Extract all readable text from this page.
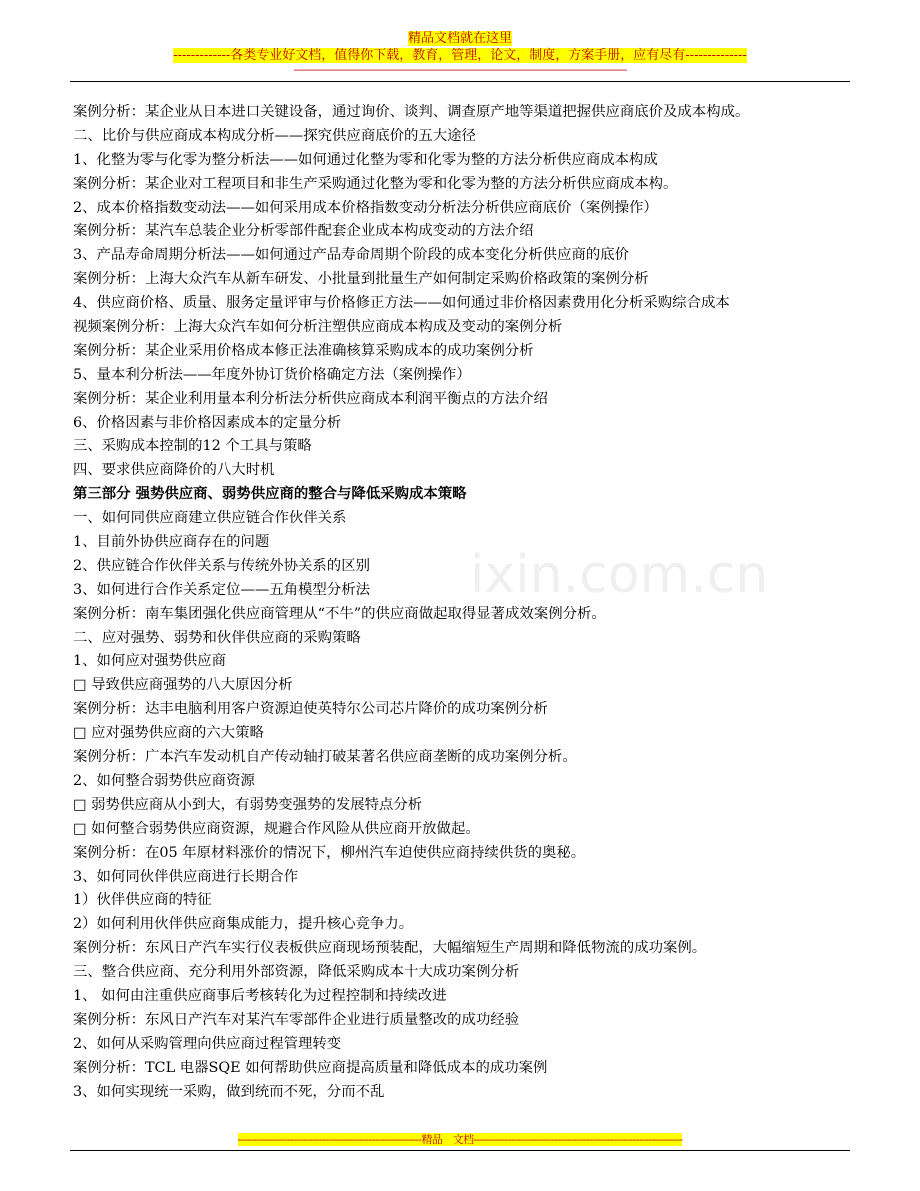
精品文档就在这里
-------------各类专业好文档，值得你下载，教育，管理，论文，制度，方案手册，应有尽有--------------
--------------------------------------------------------------------------------------------------------------------------------------------
ixin.com.cn
案例分析：某企业从日本进口关键设备，通过询价、谈判、调查原产地等渠道把握供应商底价及成本构成。
二、比价与供应商成本构成分析——探究供应商底价的五大途径
1、化整为零与化零为整分析法——如何通过化整为零和化零为整的方法分析供应商成本构成
案例分析：某企业对工程项目和非生产采购通过化整为零和化零为整的方法分析供应商成本构。
2、成本价格指数变动法——如何采用成本价格指数变动分析法分析供应商底价（案例操作）
案例分析：某汽车总装企业分析零部件配套企业成本构成变动的方法介绍
3、产品寿命周期分析法——如何通过产品寿命周期个阶段的成本变化分析供应商的底价
案例分析：上海大众汽车从新车研发、小批量到批量生产如何制定采购价格政策的案例分析
4、供应商价格、质量、服务定量评审与价格修正方法——如何通过非价格因素费用化分析采购综合成本
视频案例分析：上海大众汽车如何分析注塑供应商成本构成及变动的案例分析
案例分析：某企业采用价格成本修正法准确核算采购成本的成功案例分析
5、量本利分析法——年度外协订货价格确定方法（案例操作）
案例分析：某企业利用量本利分析法分析供应商成本利润平衡点的方法介绍
6、价格因素与非价格因素成本的定量分析
三、采购成本控制的12 个工具与策略
四、要求供应商降价的八大时机
第三部分 强势供应商、弱势供应商的整合与降低采购成本策略
一、如何同供应商建立供应链合作伙伴关系
1、目前外协供应商存在的问题
2、供应链合作伙伴关系与传统外协关系的区别
3、如何进行合作关系定位——五角模型分析法
案例分析：南车集团强化供应商管理从“不牛”的供应商做起取得显著成效案例分析。
二、应对强势、弱势和伙伴供应商的采购策略
1、如何应对强势供应商
□ 导致供应商强势的八大原因分析
案例分析：达丰电脑利用客户资源迫使英特尔公司芯片降价的成功案例分析
□ 应对强势供应商的六大策略
案例分析：广本汽车发动机自产传动轴打破某著名供应商垄断的成功案例分析。
2、如何整合弱势供应商资源
□ 弱势供应商从小到大，有弱势变强势的发展特点分析
□ 如何整合弱势供应商资源，规避合作风险从供应商开放做起。
案例分析：在05 年原材料涨价的情况下，柳州汽车迫使供应商持续供货的奥秘。
3、如何同伙伴供应商进行长期合作
1）伙伴供应商的特征
2）如何利用伙伴供应商集成能力，提升核心竞争力。
案例分析：东风日产汽车实行仪表板供应商现场预装配，大幅缩短生产周期和降低物流的成功案例。
三、整合供应商、充分利用外部资源，降低采购成本十大成功案例分析
1、 如何由注重供应商事后考核转化为过程控制和持续改进
案例分析：东风日产汽车对某汽车零部件企业进行质量整改的成功经验
2、如何从采购管理向供应商过程管理转变
案例分析：TCL 电器SQE 如何帮助供应商提高质量和降低成本的成功案例
3、如何实现统一采购，做到统而不死，分而不乱
-----------------------------------------------------------精品　文档-------------------------------------------------------------------
